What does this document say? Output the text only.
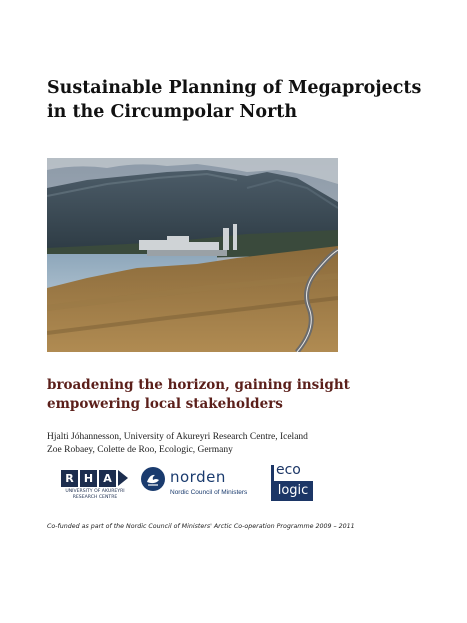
Sustainable Planning of Megaprojects
in the Circumpolar North
broadening the horizon, gaining insight
empowering local stakeholders
Hjalti Jóhannesson, University of Akureyri Research Centre, Iceland
Zoe Robaey, Colette de Roo, Ecologic, Germany
R H A
UNIVERSITY OF AKUREYRI
RESEARCH CENTRE
norden
Nordic Council of Ministers
eco
logic
Co-funded as part of the Nordic Council of Ministers' Arctic Co-operation Programme 2009 – 2011
